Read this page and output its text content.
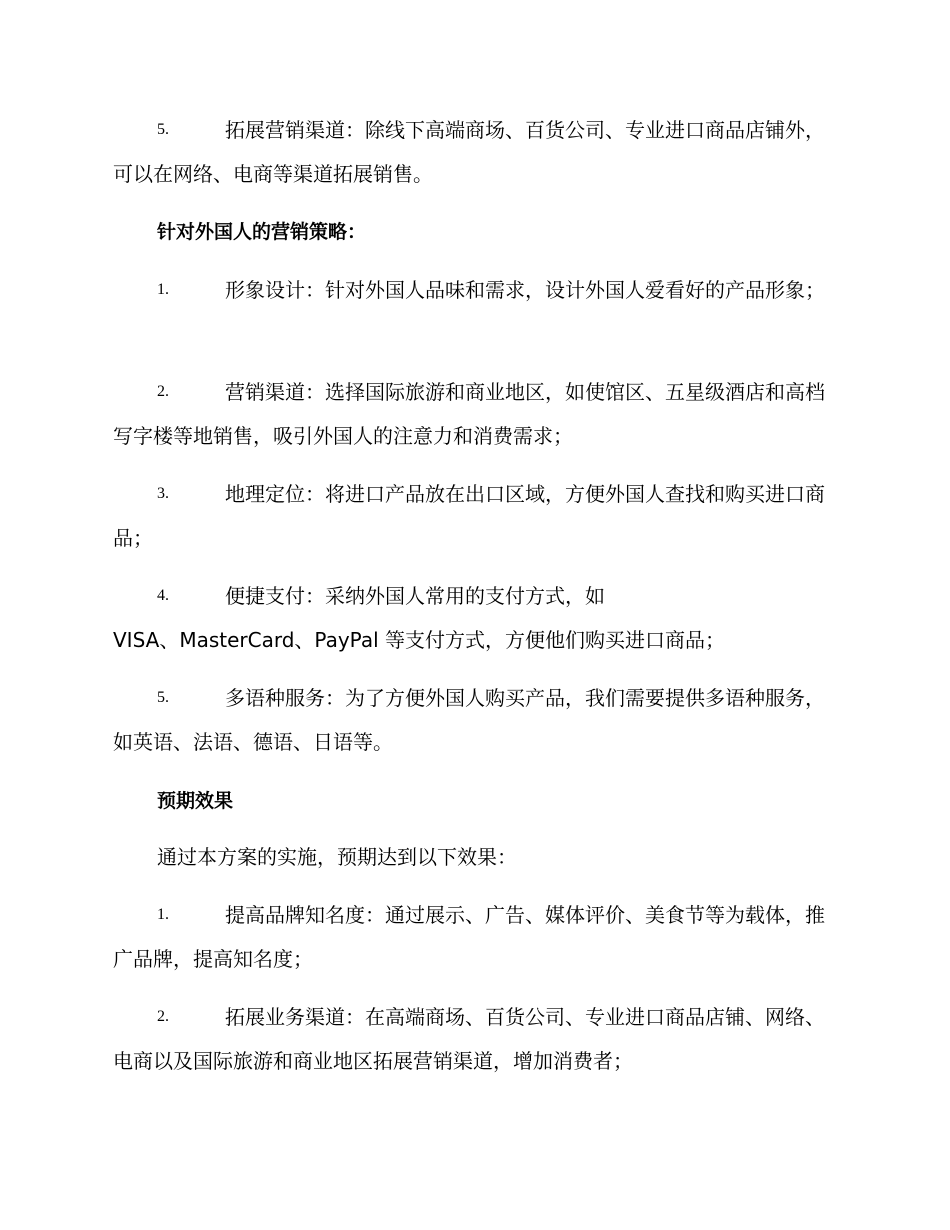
5.	拓展营销渠道：除线下高端商场、百货公司、专业进口商品店铺外，可以在网络、电商等渠道拓展销售。
针对外国人的营销策略：
1.	形象设计：针对外国人品味和需求，设计外国人爱看好的产品形象；
2.	营销渠道：选择国际旅游和商业地区，如使馆区、五星级酒店和高档写字楼等地销售，吸引外国人的注意力和消费需求；
3.	地理定位：将进口产品放在出口区域，方便外国人查找和购买进口商品；
4.	便捷支付：采纳外国人常用的支付方式，如
VISA、MasterCard、PayPal 等支付方式，方便他们购买进口商品；
5.	多语种服务：为了方便外国人购买产品，我们需要提供多语种服务，如英语、法语、德语、日语等。
预期效果
通过本方案的实施，预期达到以下效果：
1.	提高品牌知名度：通过展示、广告、媒体评价、美食节等为载体，推广品牌，提高知名度；
2.	拓展业务渠道：在高端商场、百货公司、专业进口商品店铺、网络、电商以及国际旅游和商业地区拓展营销渠道，增加消费者；
